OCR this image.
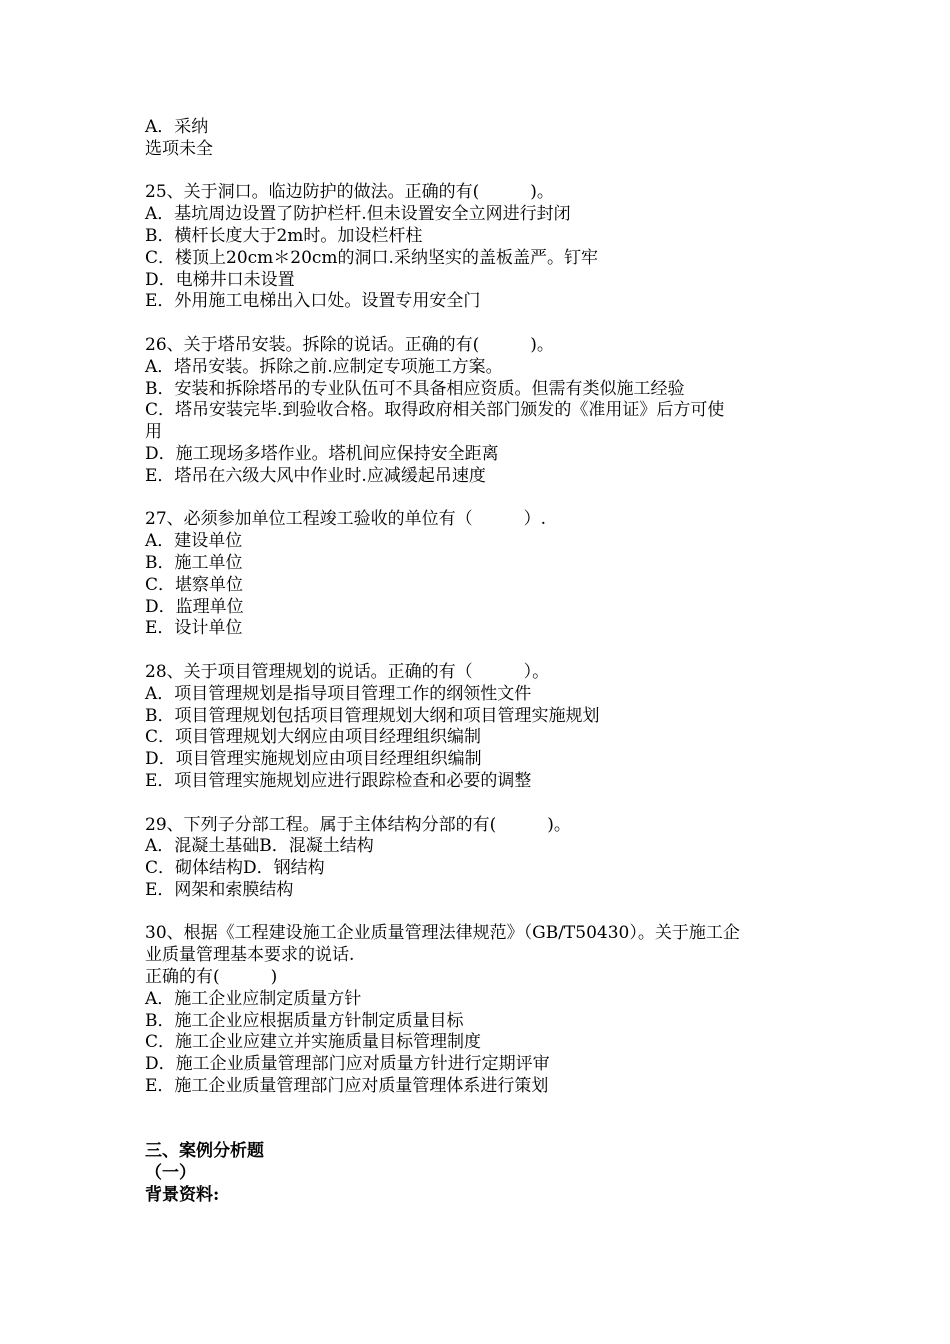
A．采纳

选项未全

25、关于洞口。临边防护的做法。正确的有(　　　)。

A．基坑周边设置了防护栏杆.但未设置安全立网进行封闭

B．横杆长度大于2m时。加设栏杆柱

C．楼顶上20cm＊20cm的洞口.采纳坚实的盖板盖严。钉牢

D．电梯井口未设置

E．外用施工电梯出入口处。设置专用安全门

26、关于塔吊安装。拆除的说话。正确的有(　　　)。

A．塔吊安装。拆除之前.应制定专项施工方案。

B．安装和拆除塔吊的专业队伍可不具备相应资质。但需有类似施工经验

C．塔吊安装完毕.到验收合格。取得政府相关部门颁发的《准用证》后方可使

用

D．施工现场多塔作业。塔机间应保持安全距离

E．塔吊在六级大风中作业时.应减缓起吊速度

27、必须参加单位工程竣工验收的单位有（　　　）.

A．建设单位

B．施工单位

C．堪察单位

D．监理单位

E．设计单位

28、关于项目管理规划的说话。正确的有（　　　）。

A．项目管理规划是指导项目管理工作的纲领性文件

B．项目管理规划包括项目管理规划大纲和项目管理实施规划

C．项目管理规划大纲应由项目经理组织编制

D．项目管理实施规划应由项目经理组织编制

E．项目管理实施规划应进行跟踪检查和必要的调整

29、下列子分部工程。属于主体结构分部的有(　　　)。

A．混凝土基础B．混凝土结构

C．砌体结构D．钢结构

E．网架和索膜结构

30、根据《工程建设施工企业质量管理法律规范》（GB/T50430）。关于施工企

业质量管理基本要求的说话.

正确的有(　　　)

A．施工企业应制定质量方针

B．施工企业应根据质量方针制定质量目标

C．施工企业应建立并实施质量目标管理制度

D．施工企业质量管理部门应对质量方针进行定期评审

E．施工企业质量管理部门应对质量管理体系进行策划

三、案例分析题

（一）

背景资料:
